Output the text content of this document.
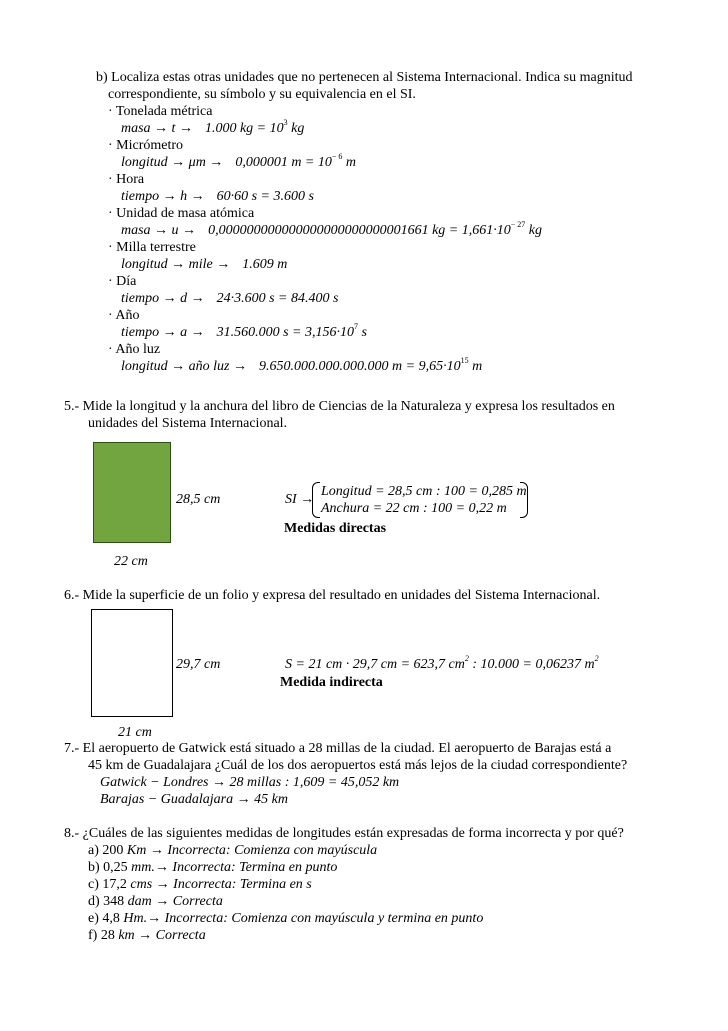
b) Localiza estas otras unidades que no pertenecen al Sistema Internacional. Indica su magnitud
correspondiente, su símbolo y su equivalencia en el SI.
· Tonelada métrica
masa → t → 1.000 kg = $10^3$ kg
· Micrómetro
longitud → μm → 0,000001 $m = 10^{- 6}$ m
· Hora
tiempo → h → 60·60 s = 3.600 s
· Unidad de masa atómica
masa → u → 0,000000000000000000000000001661 kg = $1,661\cdot 10^{- 27}$ kg
· Milla terrestre
longitud → mile → 1.609 m
· Día
tiempo → d → 24·3.600 s = 84.400 s
· Año
tiempo → a → 31.560.000 $s = 3,156\cdot 10^7$ s
· Año luz
longitud → año luz → 9.650.000.000.000.000 $m = 9,65\cdot 10^{15}$ m
5.- Mide la longitud y la anchura del libro de Ciencias de la Naturaleza y expresa los resultados en
unidades del Sistema Internacional.
28,5 cm
22 cm
SI →
Longitud = 28,5 cm : 100 = 0,285 m
Anchura = 22 cm : 100 = 0,22 m
Medidas directas
6.- Mide la superficie de un folio y expresa del resultado en unidades del Sistema Internacional.
29,7 cm
21 cm
S = 21 cm · 29,7 cm = 623,7 $cm^2$ : 10.000 = 0,06237 $m^2$
Medida indirecta
7.- El aeropuerto de Gatwick está situado a 28 millas de la ciudad. El aeropuerto de Barajas está a
45 km de Guadalajara ¿Cuál de los dos aeropuertos está más lejos de la ciudad correspondiente?
Gatwick − Londres → 28 millas : 1,609 = 45,052 km
Barajas − Guadalajara → 45 km
8.- ¿Cuáles de las siguientes medidas de longitudes están expresadas de forma incorrecta y por qué?
a) 200 Km → Incorrecta: Comienza con mayúscula
b) 0,25 mm.→ Incorrecta: Termina en punto
c) 17,2 cms → Incorrecta: Termina en s
d) 348 dam → Correcta
e) 4,8 Hm.→ Incorrecta: Comienza con mayúscula y termina en punto
f) 28 km → Correcta
